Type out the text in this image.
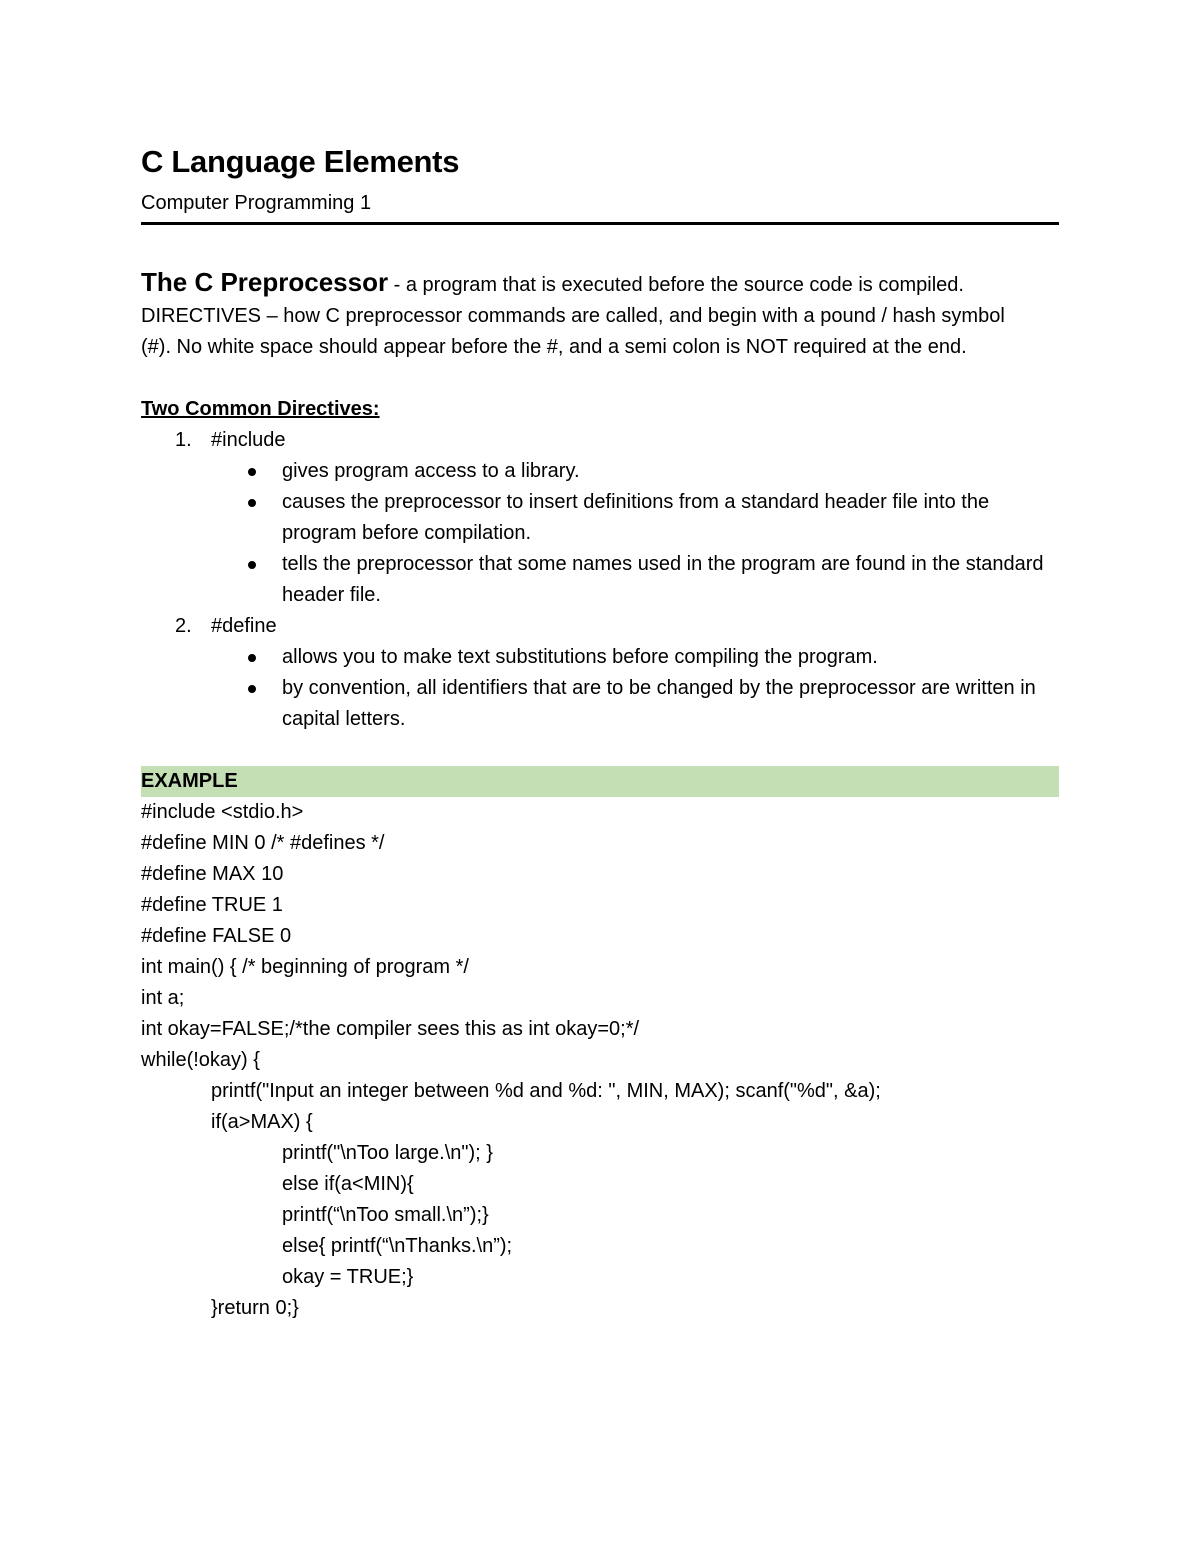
C Language Elements
Computer Programming 1
The C Preprocessor - a program that is executed before the source code is compiled.
DIRECTIVES – how C preprocessor commands are called, and begin with a pound / hash symbol
(#). No white space should appear before the #, and a semi colon is NOT required at the end.
Two Common Directives:
1. #include
gives program access to a library.
causes the preprocessor to insert definitions from a standard header file into the program before compilation.
tells the preprocessor that some names used in the program are found in the standard header file.
2. #define
allows you to make text substitutions before compiling the program.
by convention, all identifiers that are to be changed by the preprocessor are written in capital letters.
EXAMPLE
#include <stdio.h>
#define MIN 0 /* #defines */
#define MAX 10
#define TRUE 1
#define FALSE 0
int main() { /* beginning of program */
int a;
int okay=FALSE;/*the compiler sees this as int okay=0;*/
while(!okay) {
printf("Input an integer between %d and %d: ", MIN, MAX); scanf("%d", &a);
if(a>MAX) {
printf("\nToo large.\n"); }
else if(a<MIN){
printf(“\nToo small.\n”);}
else{ printf(“\nThanks.\n”);
okay = TRUE;}
}return 0;}
